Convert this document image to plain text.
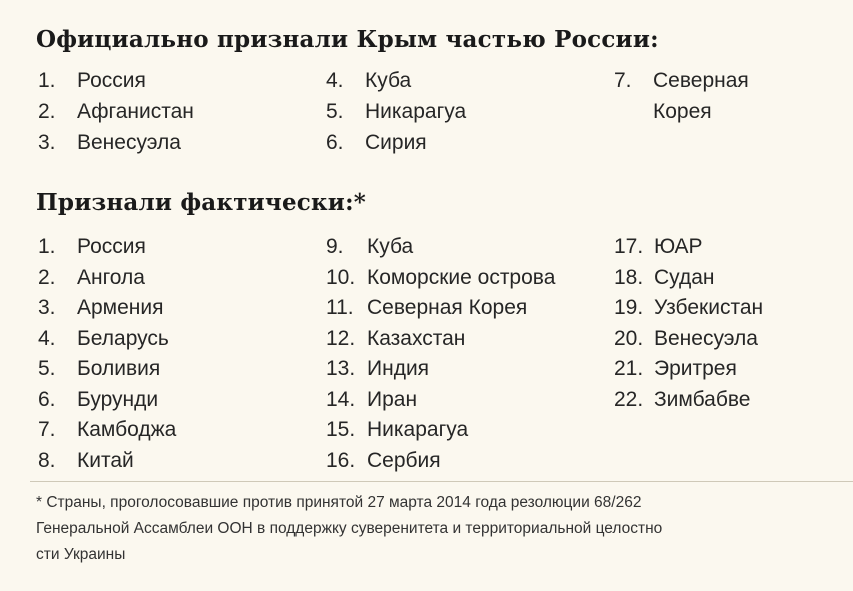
Официально признали Крым частью России:
1. Россия
2. Афганистан
3. Венесуэла
4. Куба
5. Никарагуа
6. Сирия
7. Северная Корея
Признали фактически:*
1. Россия
2. Ангола
3. Армения
4. Беларусь
5. Боливия
6. Бурунди
7. Камбоджа
8. Китай
9. Куба
10. Коморские острова
11. Северная Корея
12. Казахстан
13. Индия
14. Иран
15. Никарагуа
16. Сербия
17. ЮАР
18. Судан
19. Узбекистан
20. Венесуэла
21. Эритрея
22. Зимбабве
* Страны, проголосовавшие против принятой 27 марта 2014 года резолюции 68/262
Генеральной Ассамблеи ООН в поддержку суверенитета и территориальной целостно
сти Украины
